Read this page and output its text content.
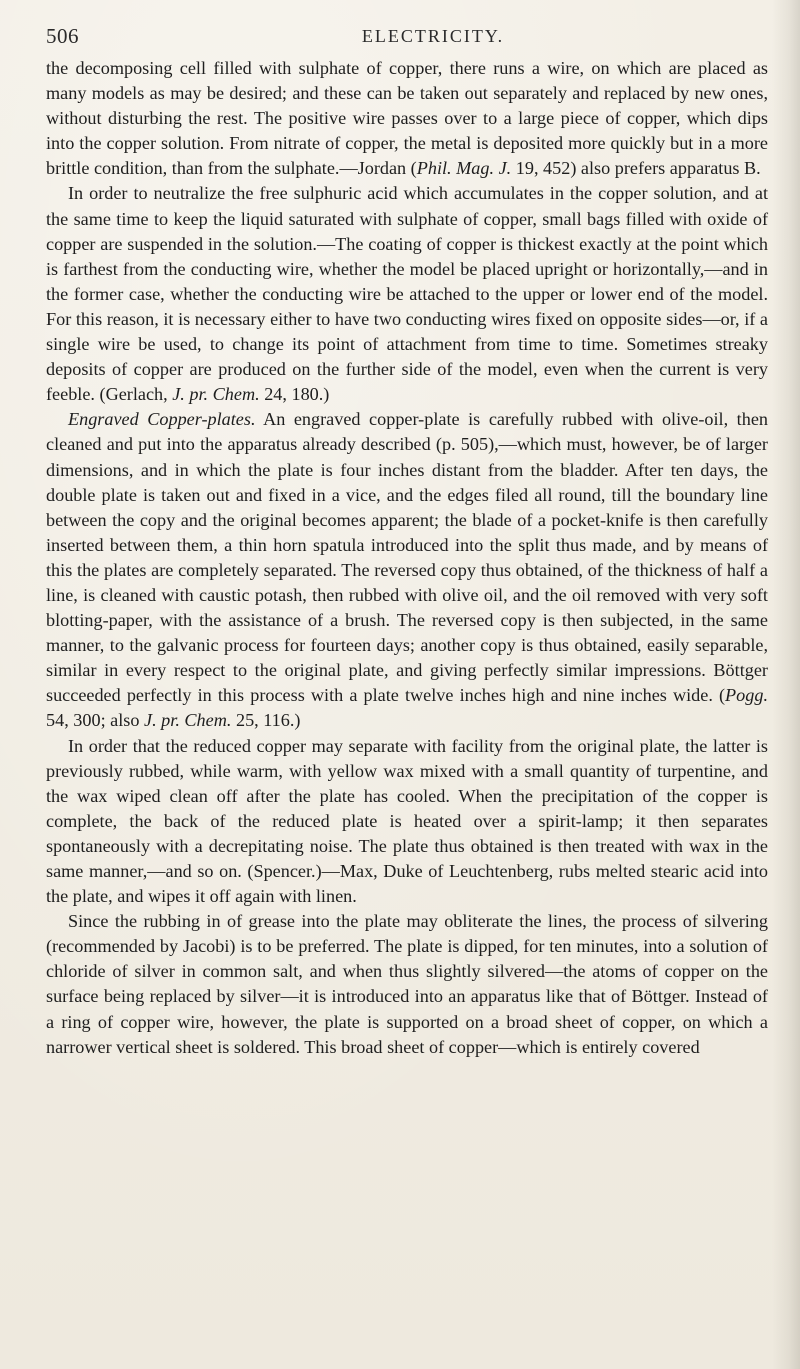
506	ELECTRICITY.

the decomposing cell filled with sulphate of copper, there runs a wire, on which are placed as many models as may be desired; and these can be taken out separately and replaced by new ones, without disturbing the rest. The positive wire passes over to a large piece of copper, which dips into the copper solution. From nitrate of copper, the metal is deposited more quickly but in a more brittle condition, than from the sulphate.—Jordan (Phil. Mag. J. 19, 452) also prefers apparatus B.

In order to neutralize the free sulphuric acid which accumulates in the copper solution, and at the same time to keep the liquid saturated with sulphate of copper, small bags filled with oxide of copper are suspended in the solution.—The coating of copper is thickest exactly at the point which is farthest from the conducting wire, whether the model be placed upright or horizontally,—and in the former case, whether the conducting wire be attached to the upper or lower end of the model. For this reason, it is necessary either to have two conducting wires fixed on opposite sides—or, if a single wire be used, to change its point of attachment from time to time. Sometimes streaky deposits of copper are produced on the further side of the model, even when the current is very feeble. (Gerlach, J. pr. Chem. 24, 180.)

Engraved Copper-plates. An engraved copper-plate is carefully rubbed with olive-oil, then cleaned and put into the apparatus already described (p. 505),—which must, however, be of larger dimensions, and in which the plate is four inches distant from the bladder. After ten days, the double plate is taken out and fixed in a vice, and the edges filed all round, till the boundary line between the copy and the original becomes apparent; the blade of a pocket-knife is then carefully inserted between them, a thin horn spatula introduced into the split thus made, and by means of this the plates are completely separated. The reversed copy thus obtained, of the thickness of half a line, is cleaned with caustic potash, then rubbed with olive oil, and the oil removed with very soft blotting-paper, with the assistance of a brush. The reversed copy is then subjected, in the same manner, to the galvanic process for fourteen days; another copy is thus obtained, easily separable, similar in every respect to the original plate, and giving perfectly similar impressions. Böttger succeeded perfectly in this process with a plate twelve inches high and nine inches wide. (Pogg. 54, 300; also J. pr. Chem. 25, 116.)

In order that the reduced copper may separate with facility from the original plate, the latter is previously rubbed, while warm, with yellow wax mixed with a small quantity of turpentine, and the wax wiped clean off after the plate has cooled. When the precipitation of the copper is complete, the back of the reduced plate is heated over a spirit-lamp; it then separates spontaneously with a decrepitating noise. The plate thus obtained is then treated with wax in the same manner,—and so on. (Spencer.)—Max, Duke of Leuchtenberg, rubs melted stearic acid into the plate, and wipes it off again with linen.

Since the rubbing in of grease into the plate may obliterate the lines, the process of silvering (recommended by Jacobi) is to be preferred. The plate is dipped, for ten minutes, into a solution of chloride of silver in common salt, and when thus slightly silvered—the atoms of copper on the surface being replaced by silver—it is introduced into an apparatus like that of Böttger. Instead of a ring of copper wire, however, the plate is supported on a broad sheet of copper, on which a narrower vertical sheet is soldered. This broad sheet of copper—which is entirely covered
